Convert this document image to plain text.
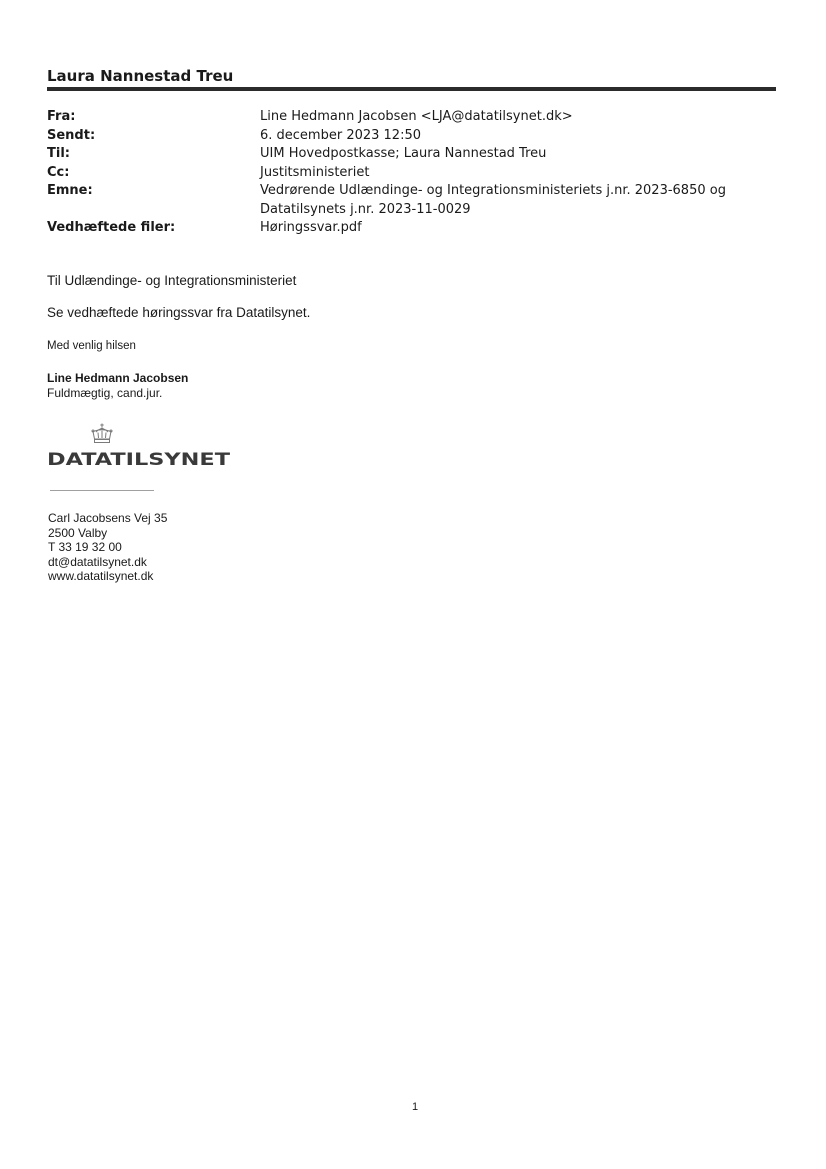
Laura Nannestad Treu
Fra:	Line Hedmann Jacobsen <LJA@datatilsynet.dk>
Sendt:	6. december 2023 12:50
Til:	UIM Hovedpostkasse; Laura Nannestad Treu
Cc:	Justitsministeriet
Emne:	Vedrørende Udlændinge- og Integrationsministeriets j.nr. 2023-6850 og
Datatilsynets j.nr. 2023-11-0029
Vedhæftede filer:	Høringssvar.pdf
Til Udlændinge- og Integrationsministeriet
Se vedhæftede høringssvar fra Datatilsynet.
Med venlig hilsen
Line Hedmann Jacobsen
Fuldmægtig, cand.jur.
DATATILSYNET
Carl Jacobsens Vej 35
2500 Valby
T 33 19 32 00
dt@datatilsynet.dk
www.datatilsynet.dk
1
